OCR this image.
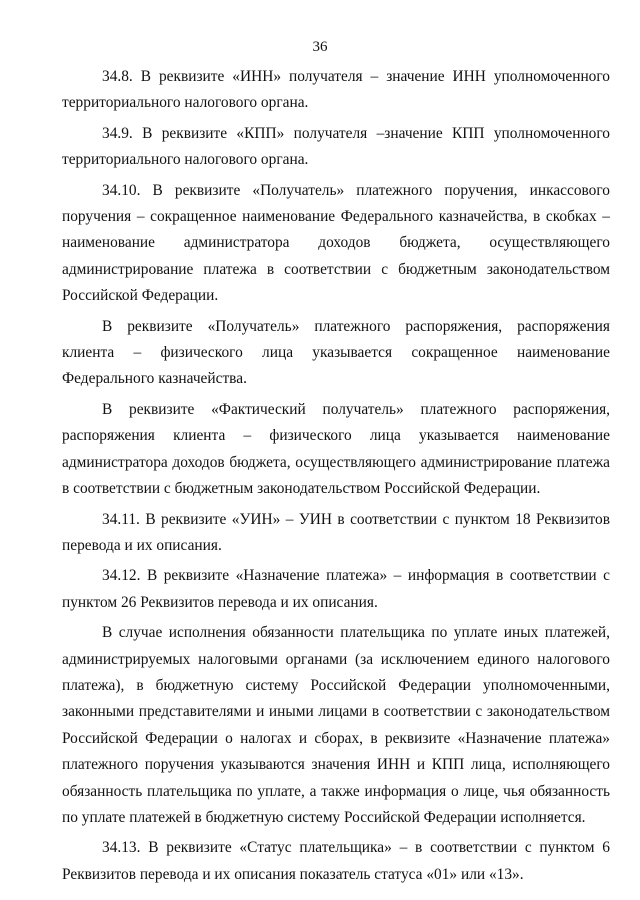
36

34.8. В реквизите «ИНН» получателя – значение ИНН уполномоченного территориального налогового органа.

34.9. В реквизите «КПП» получателя –значение КПП уполномоченного территориального налогового органа.

34.10. В реквизите «Получатель» платежного поручения, инкассового поручения – сокращенное наименование Федерального казначейства, в скобках – наименование администратора доходов бюджета, осуществляющего администрирование платежа в соответствии с бюджетным законодательством Российской Федерации.

В реквизите «Получатель» платежного распоряжения, распоряжения клиента – физического лица указывается сокращенное наименование Федерального казначейства.

В реквизите «Фактический получатель» платежного распоряжения, распоряжения клиента – физического лица указывается наименование администратора доходов бюджета, осуществляющего администрирование платежа в соответствии с бюджетным законодательством Российской Федерации.

34.11. В реквизите «УИН» – УИН в соответствии с пунктом 18 Реквизитов перевода и их описания.

34.12. В реквизите «Назначение платежа» – информация в соответствии с пунктом 26 Реквизитов перевода и их описания.

В случае исполнения обязанности плательщика по уплате иных платежей, администрируемых налоговыми органами (за исключением единого налогового платежа), в бюджетную систему Российской Федерации уполномоченными, законными представителями и иными лицами в соответствии с законодательством Российской Федерации о налогах и сборах, в реквизите «Назначение платежа» платежного поручения указываются значения ИНН и КПП лица, исполняющего обязанность плательщика по уплате, а также информация о лице, чья обязанность по уплате платежей в бюджетную систему Российской Федерации исполняется.

34.13. В реквизите «Статус плательщика» – в соответствии с пунктом 6 Реквизитов перевода и их описания показатель статуса «01» или «13».
